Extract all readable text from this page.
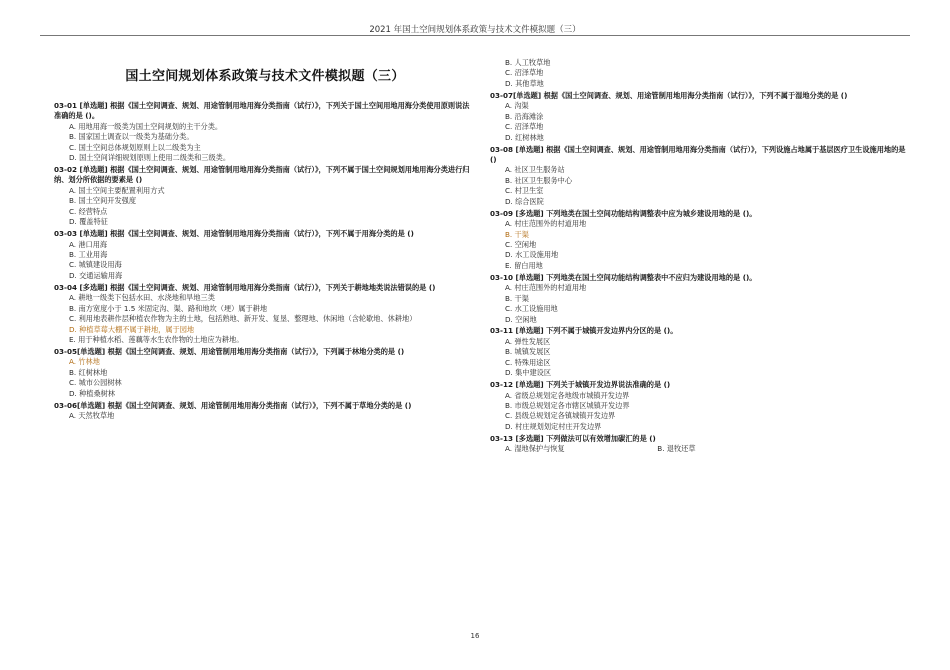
2021 年国土空间规划体系政策与技术文件模拟题（三）
国土空间规划体系政策与技术文件模拟题（三）
03-01 [单选题] 根据《国土空间调查、规划、用途管制用地用海分类指南（试行）》，下列关于国土空间用地用海分类使用原则说法准确的是 ()。
A. 用地用海一级类为国土空间规划的主干分类。
B. 国家国土调查以一级类为基础分类。
C. 国土空间总体规划原则上以二级类为主
D. 国土空间详细规划原则上使用二级类和三级类。
03-02 [单选题] 根据《国土空间调查、规划、用途管制用地用海分类指南（试行）》，下列不属于国土空间规划用地用海分类进行归纳、划分所依据的要素是 ()
A. 国土空间主要配置利用方式
B. 国土空间开发强度
C. 经营特点
D. 覆盖特征
03-03 [单选题] 根据《国土空间调查、规划、用途管制用地用海分类指南（试行）》，下列不属于用海分类的是 ()
A. 港口用海
B. 工业用海
C. 城镇建设用海
D. 交通运输用海
03-04 [多选题] 根据《国土空间调查、规划、用途管制用地用海分类指南（试行）》，下列关于耕地地类说法错误的是 ()
A. 耕地一级类下包括水田、水浇地和旱地三类
B. 南方宽度小于 1.5 米固定沟、渠、路和地坎（埂）属于耕地
C. 利用地表耕作层种植农作物为主的土地，包括熟地、新开发、复垦、整理地、休闲地（含轮歇地、休耕地）
D. 种植草莓大棚不属于耕地，属于园地
E. 用于种植水稻、莲藕等水生农作物的土地应为耕地。
03-05[单选题] 根据《国土空间调查、规划、用途管制用地用海分类指南（试行）》，下列属于林地分类的是 ()
A. 竹林地
B. 红树林地
C. 城市公园树林
D. 种植桑树林
03-06[单选题] 根据《国土空间调查、规划、用途管制用地用海分类指南（试行）》，下列不属于草地分类的是 ()
A. 天然牧草地
B. 人工牧草地
C. 沼泽草地
D. 其他草地
03-07[单选题] 根据《国土空间调查、规划、用途管制用地用海分类指南（试行）》，下列不属于湿地分类的是 ()
A. 沟渠
B. 沿海滩涂
C. 沼泽草地
D. 红树林地
03-08 [单选题] 根据《国土空间调查、规划、用途管制用地用海分类指南（试行）》，下列设施占地属于基层医疗卫生设施用地的是 ()
A. 社区卫生服务站
B. 社区卫生服务中心
C. 村卫生室
D. 综合医院
03-09 [多选题] 下列地类在国土空间功能结构调整表中应为城乡建设用地的是 ()。
A. 村庄范围外的村道用地
B. 干渠
C. 空闲地
D. 水工设施用地
E. 留白用地
03-10 [单选题] 下列地类在国土空间功能结构调整表中不应归为建设用地的是 ()。
A. 村庄范围外的村道用地
B. 干渠
C. 水工设施用地
D. 空闲地
03-11 [单选题] 下列不属于城镇开发边界内分区的是 ()。
A. 弹性发展区
B. 城镇发展区
C. 特殊用途区
D. 集中建设区
03-12 [单选题] 下列关于城镇开发边界说法准确的是 ()
A. 省级总规划定各地级市城镇开发边界
B. 市级总规划定各市辖区城镇开发边界
C. 县级总规划定各镇城镇开发边界
D. 村庄规划划定村庄开发边界
03-13 [多选题] 下列做法可以有效增加碳汇的是 ()
A. 湿地保护与恢复	B. 退牧还草
16
